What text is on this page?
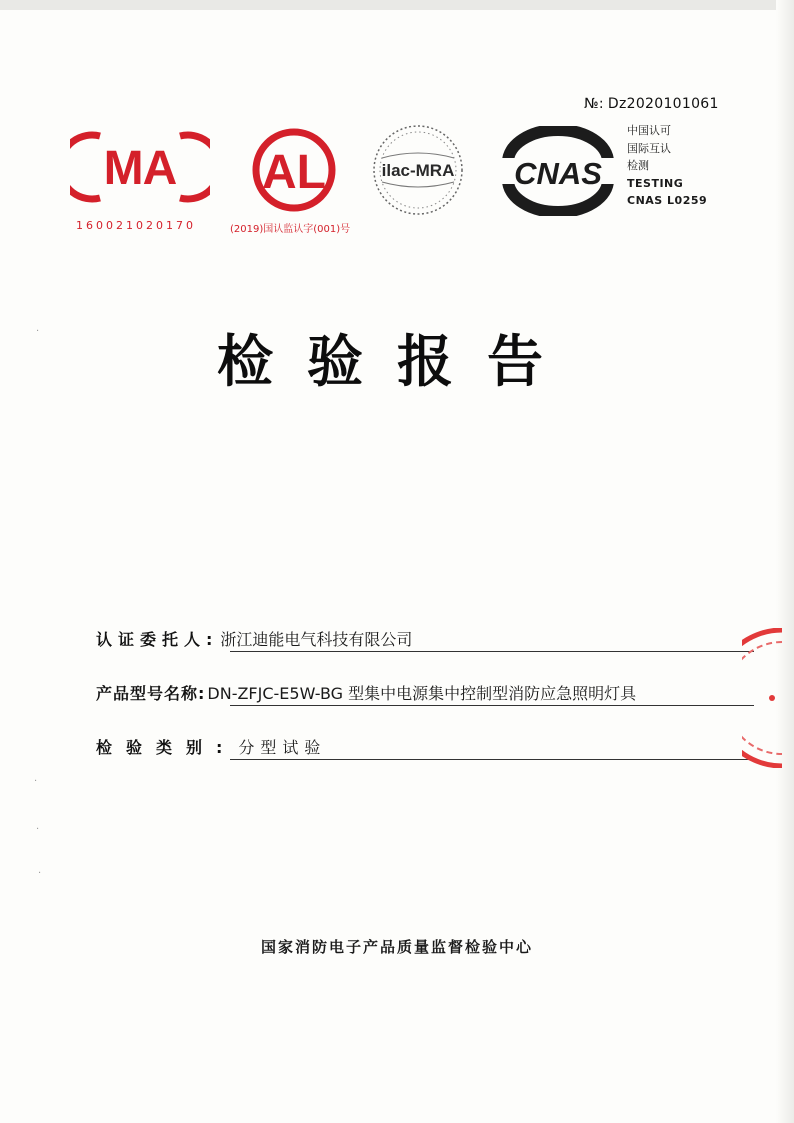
№: Dz2020101061
MA
160021020170
AL
(2019)国认监认字(001)号
ilac-MRA CNAS
中国认可
国际互认
检测
TESTING
CNAS L0259
检验报告
认证委托人: 浙江迪能电气科技有限公司
产品型号名称: DN-ZFJC-E5W-BG 型集中电源集中控制型消防应急照明灯具
检验类别: 分型试验
·
·
·
·
国家消防电子产品质量监督检验中心
